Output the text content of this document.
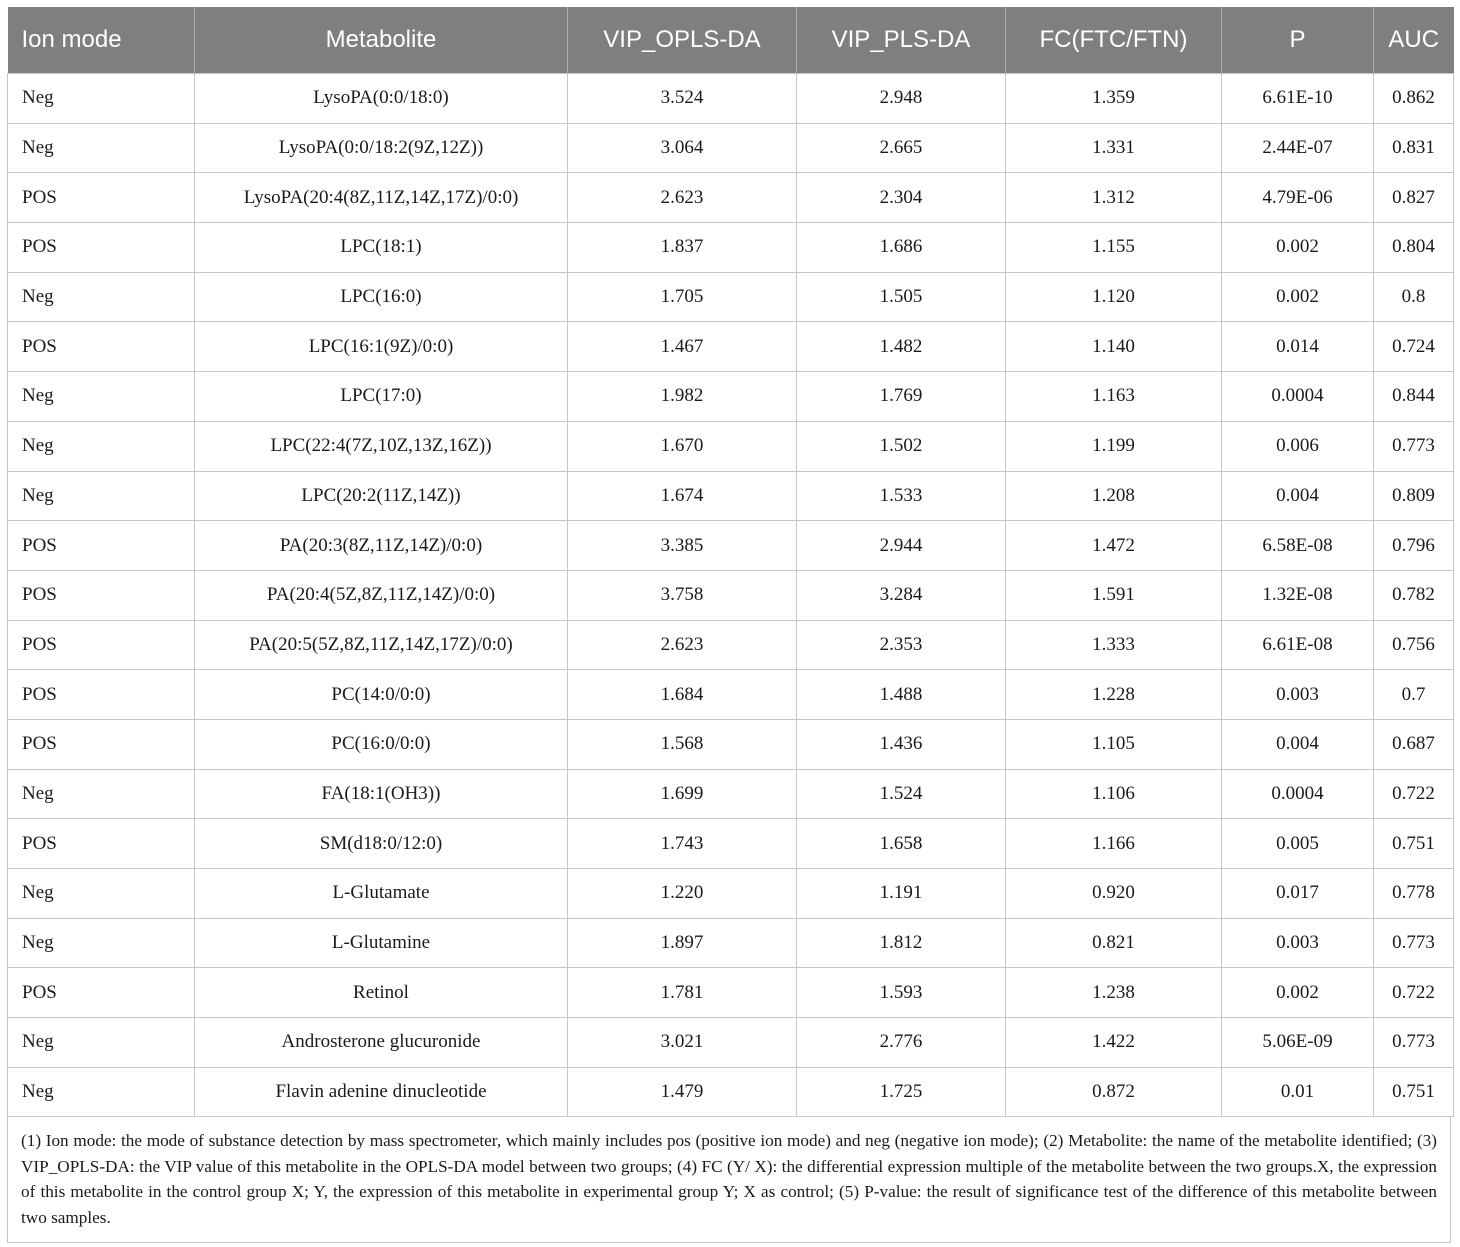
Ion mode	Metabolite	VIP_OPLS-DA	VIP_PLS-DA	FC(FTC/FTN)	P	AUC
Neg	LysoPA(0:0/18:0)	3.524	2.948	1.359	6.61E-10	0.862
Neg	LysoPA(0:0/18:2(9Z,12Z))	3.064	2.665	1.331	2.44E-07	0.831
POS	LysoPA(20:4(8Z,11Z,14Z,17Z)/0:0)	2.623	2.304	1.312	4.79E-06	0.827
POS	LPC(18:1)	1.837	1.686	1.155	0.002	0.804
Neg	LPC(16:0)	1.705	1.505	1.120	0.002	0.8
POS	LPC(16:1(9Z)/0:0)	1.467	1.482	1.140	0.014	0.724
Neg	LPC(17:0)	1.982	1.769	1.163	0.0004	0.844
Neg	LPC(22:4(7Z,10Z,13Z,16Z))	1.670	1.502	1.199	0.006	0.773
Neg	LPC(20:2(11Z,14Z))	1.674	1.533	1.208	0.004	0.809
POS	PA(20:3(8Z,11Z,14Z)/0:0)	3.385	2.944	1.472	6.58E-08	0.796
POS	PA(20:4(5Z,8Z,11Z,14Z)/0:0)	3.758	3.284	1.591	1.32E-08	0.782
POS	PA(20:5(5Z,8Z,11Z,14Z,17Z)/0:0)	2.623	2.353	1.333	6.61E-08	0.756
POS	PC(14:0/0:0)	1.684	1.488	1.228	0.003	0.7
POS	PC(16:0/0:0)	1.568	1.436	1.105	0.004	0.687
Neg	FA(18:1(OH3))	1.699	1.524	1.106	0.0004	0.722
POS	SM(d18:0/12:0)	1.743	1.658	1.166	0.005	0.751
Neg	L-Glutamate	1.220	1.191	0.920	0.017	0.778
Neg	L-Glutamine	1.897	1.812	0.821	0.003	0.773
POS	Retinol	1.781	1.593	1.238	0.002	0.722
Neg	Androsterone glucuronide	3.021	2.776	1.422	5.06E-09	0.773
Neg	Flavin adenine dinucleotide	1.479	1.725	0.872	0.01	0.751
(1) Ion mode: the mode of substance detection by mass spectrometer, which mainly includes pos (positive ion mode) and neg (negative ion mode); (2) Metabolite: the name of the metabolite identified; (3) VIP_OPLS-DA: the VIP value of this metabolite in the OPLS-DA model between two groups; (4) FC (Y/ X): the differential expression multiple of the metabolite between the two groups.X, the expression of this metabolite in the control group X; Y, the expression of this metabolite in experimental group Y; X as control; (5) P-value: the result of significance test of the difference of this metabolite between two samples.
